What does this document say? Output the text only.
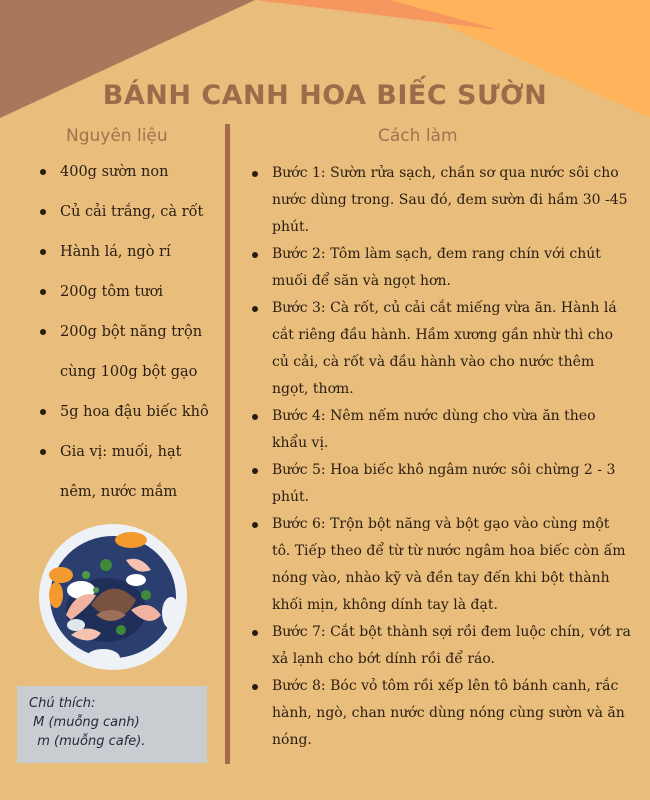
BÁNH CANH HOA BIẾC SƯỜN
Nguyên liệu	Cách làm
400g sườn non
Củ cải trắng, cà rốt
Hành lá, ngò rí
200g tôm tươi
200g bột năng trộn cùng 100g bột gạo
5g hoa đậu biếc khô
Gia vị: muối, hạt nêm, nước mắm
Chú thích:
M (muỗng canh)
m (muỗng cafe).
Bước 1: Sườn rửa sạch, chần sơ qua nước sôi cho nước dùng trong. Sau đó, đem sườn đi hầm 30 -45 phút.
Bước 2: Tôm làm sạch, đem rang chín với chút muối để săn và ngọt hơn.
Bước 3: Cà rốt, củ cải cắt miếng vừa ăn. Hành lá cắt riêng đầu hành. Hầm xương gần nhừ thì cho củ cải, cà rốt và đầu hành vào cho nước thêm ngọt, thơm.
Bước 4: Nêm nếm nước dùng cho vừa ăn theo khẩu vị.
Bước 5: Hoa biếc khô ngâm nước sôi chừng 2 - 3 phút.
Bước 6: Trộn bột năng và bột gạo vào cùng một tô. Tiếp theo để từ từ nước ngâm hoa biếc còn ấm nóng vào, nhào kỹ và đền tay đến khi bột thành khối mịn, không dính tay là đạt.
Bước 7: Cắt bột thành sợi rồi đem luộc chín, vớt ra xả lạnh cho bớt dính rồi để ráo.
Bước 8: Bóc vỏ tôm rồi xếp lên tô bánh canh, rắc hành, ngò, chan nước dùng nóng cùng sườn và ăn nóng.
